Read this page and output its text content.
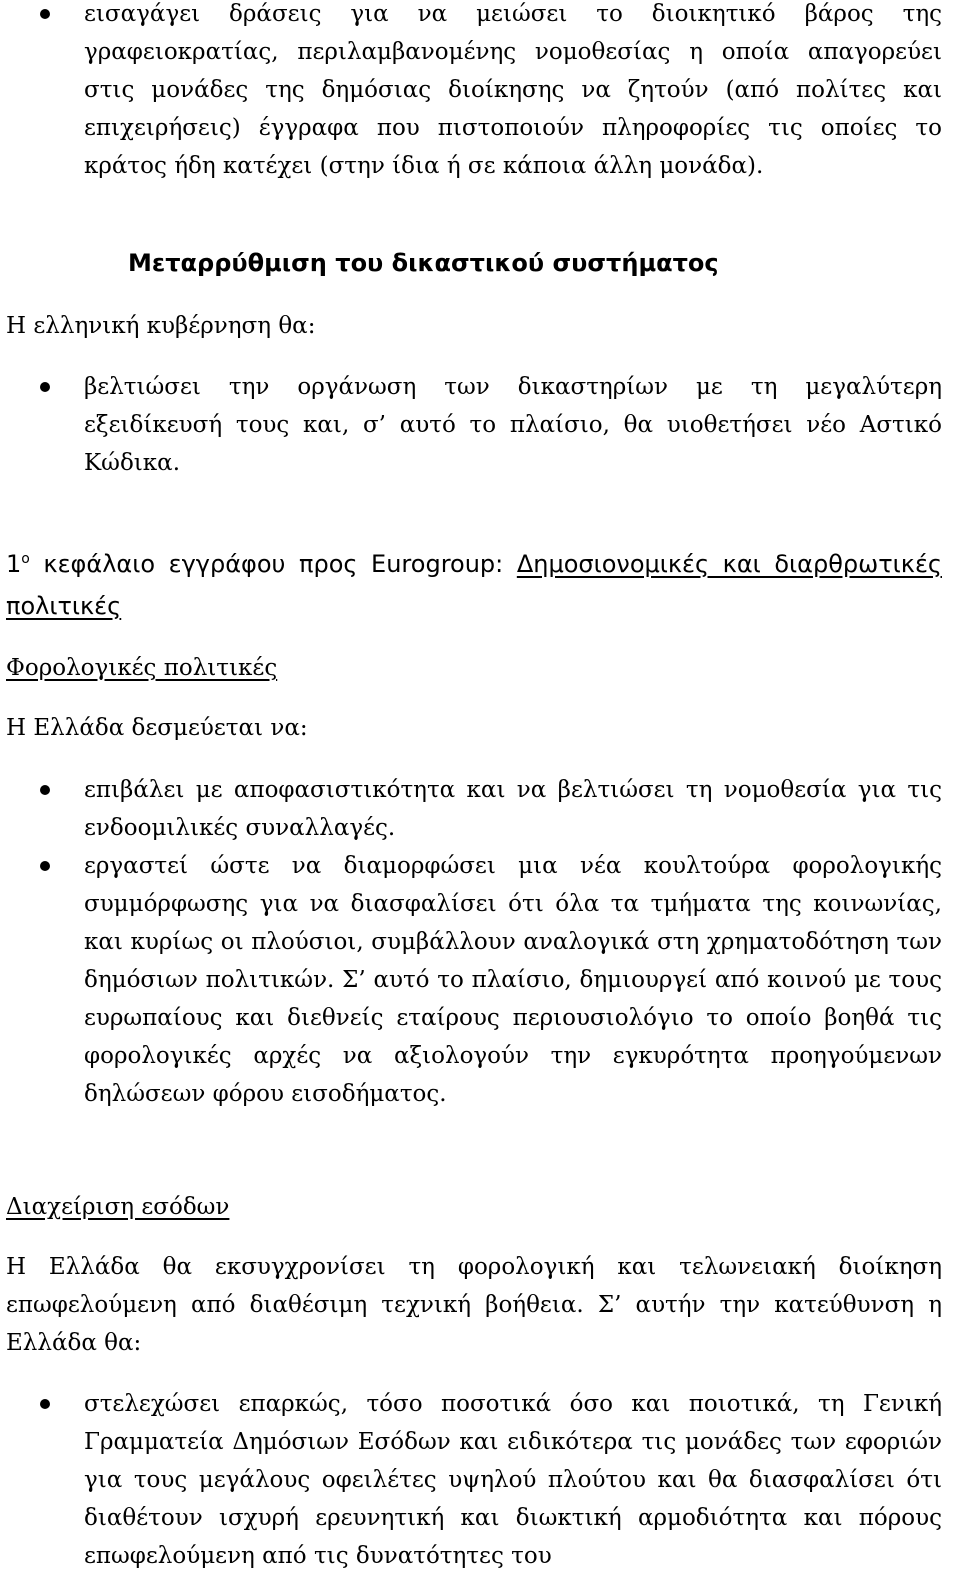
εισαγάγει δράσεις για να μειώσει το διοικητικό βάρος της γραφειοκρατίας, περιλαμβανομένης νομοθεσίας η οποία απαγορεύει στις μονάδες της δημόσιας διοίκησης να ζητούν (από πολίτες και επιχειρήσεις) έγγραφα που πιστοποιούν πληροφορίες τις οποίες το κράτος ήδη κατέχει (στην ίδια ή σε κάποια άλλη μονάδα).

Μεταρρύθμιση του δικαστικού συστήματος

Η ελληνική κυβέρνηση θα:

βελτιώσει την οργάνωση των δικαστηρίων με τη μεγαλύτερη εξειδίκευσή τους και, σ’ αυτό το πλαίσιο, θα υιοθετήσει νέο Αστικό Κώδικα.

$1^o$ κεφάλαιο εγγράφου προς Eurogroup: Δημοσιονομικές και διαρθρωτικές πολιτικές

Φορολογικές πολιτικές

Η Ελλάδα δεσμεύεται να:

επιβάλει με αποφασιστικότητα και να βελτιώσει τη νομοθεσία για τις ενδοομιλικές συναλλαγές.
εργαστεί ώστε να διαμορφώσει μια νέα κουλτούρα φορολογικής συμμόρφωσης για να διασφαλίσει ότι όλα τα τμήματα της κοινωνίας, και κυρίως οι πλούσιοι, συμβάλλουν αναλογικά στη χρηματοδότηση των δημόσιων πολιτικών. Σ’ αυτό το πλαίσιο, δημιουργεί από κοινού με τους ευρωπαίους και διεθνείς εταίρους περιουσιολόγιο το οποίο βοηθά τις φορολογικές αρχές να αξιολογούν την εγκυρότητα προηγούμενων δηλώσεων φόρου εισοδήματος.

Διαχείριση εσόδων

Η Ελλάδα θα εκσυγχρονίσει τη φορολογική και τελωνειακή διοίκηση επωφελούμενη από διαθέσιμη τεχνική βοήθεια. Σ’ αυτήν την κατεύθυνση η Ελλάδα θα:

στελεχώσει επαρκώς, τόσο ποσοτικά όσο και ποιοτικά, τη Γενική Γραμματεία Δημόσιων Εσόδων και ειδικότερα τις μονάδες των εφοριών για τους μεγάλους οφειλέτες υψηλού πλούτου και θα διασφαλίσει ότι διαθέτουν ισχυρή ερευνητική και διωκτική αρμοδιότητα και πόρους επωφελούμενη από τις δυνατότητες του
